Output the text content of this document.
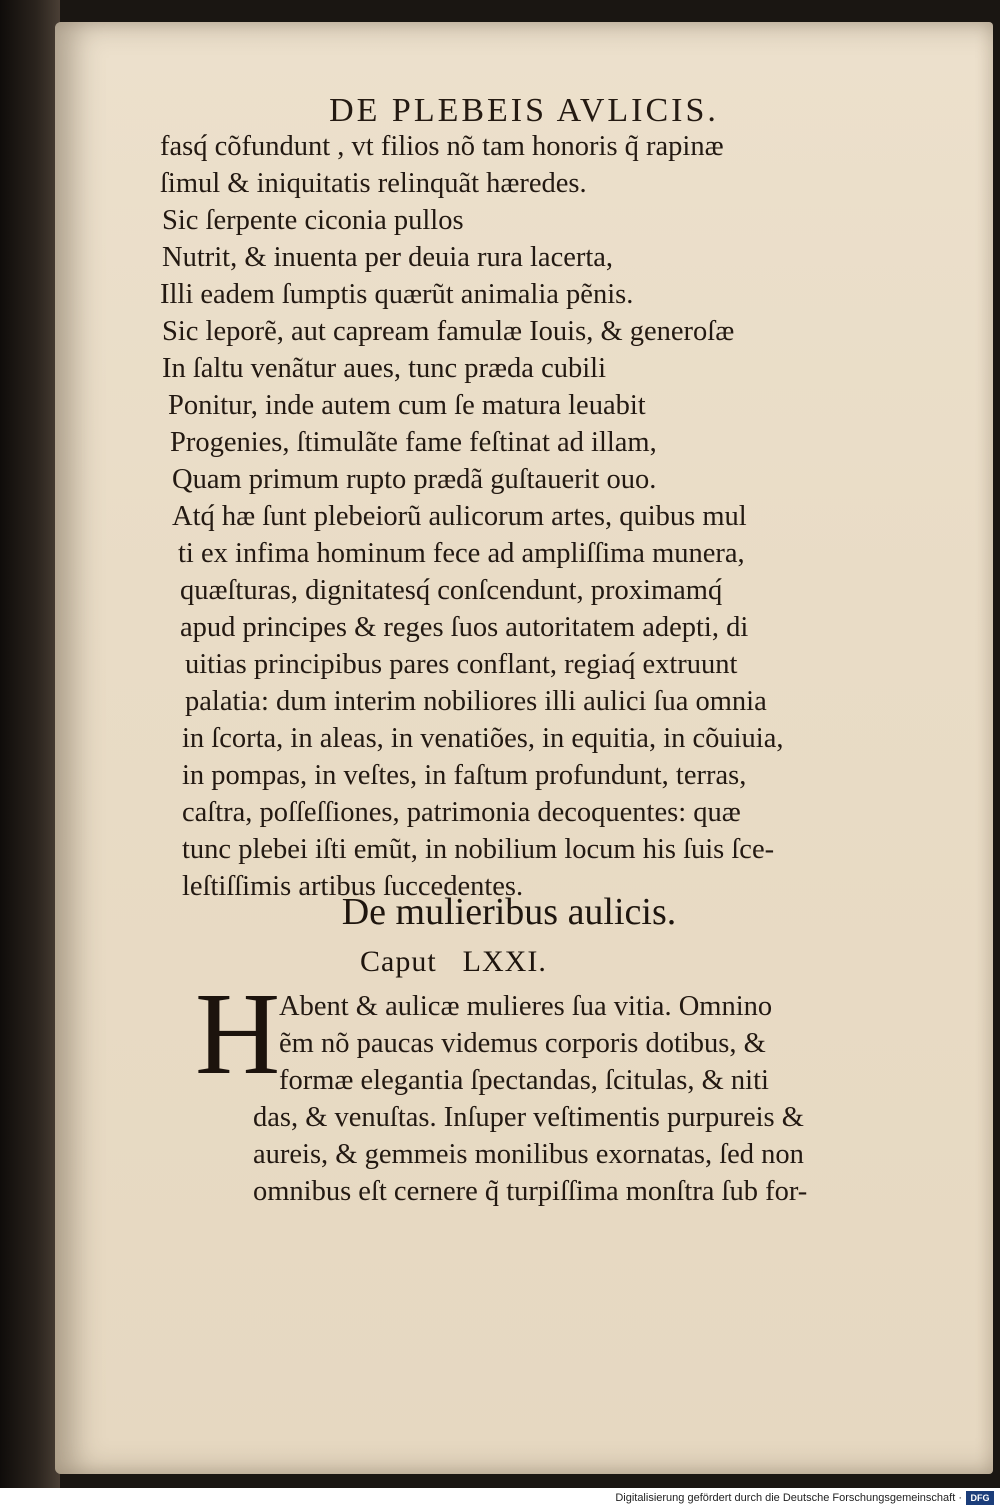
DE PLEBEIS AVLICIS.
fasq́ cõfundunt , vt filios nõ tam honoris q̃ rapinæ
ſimul & iniquitatis relinquãt hæredes.
Sic ſerpente ciconia pullos
Nutrit, & inuenta per deuia rura lacerta,
Illi eadem ſumptis quærũt animalia pẽnis.
Sic leporẽ, aut capream famulæ Iouis, & generoſæ
In ſaltu venãtur aues, tunc præda cubili
Ponitur, inde autem cum ſe matura leuabit
Progenies, ſtimulãte fame feſtinat ad illam,
Quam primum rupto prædã guſtauerit ouo.
Atq́ hæ ſunt plebeiorũ aulicorum artes, quibus mul
ti ex infima hominum fece ad ampliſſima munera,
quæſturas, dignitatesq́ conſcendunt, proximamq́
apud principes & reges ſuos autoritatem adepti, di
uitias principibus pares conflant, regiaq́ extruunt
palatia: dum interim nobiliores illi aulici ſua omnia
in ſcorta, in aleas, in venatiões, in equitia, in cõuiuia,
in pompas, in veſtes, in faſtum profundunt, terras,
caſtra, poſſeſſiones, patrimonia decoquentes: quæ
tunc plebei iſti emũt, in nobilium locum his ſuis ſce-
leſtiſſimis artibus ſuccedentes.
De mulieribus aulicis.
Caput LXXI.
H
Abent & aulicæ mulieres ſua vitia. Omnino
ẽm nõ paucas videmus corporis dotibus, &
formæ elegantia ſpectandas, ſcitulas, & niti
das, & venuſtas. Inſuper veſtimentis purpureis &
aureis, & gemmeis monilibus exornatas, ſed non
omnibus eſt cernere q̃ turpiſſima monſtra ſub for-
Digitalisierung gefördert durch die Deutsche Forschungsgemeinschaft · DFG
